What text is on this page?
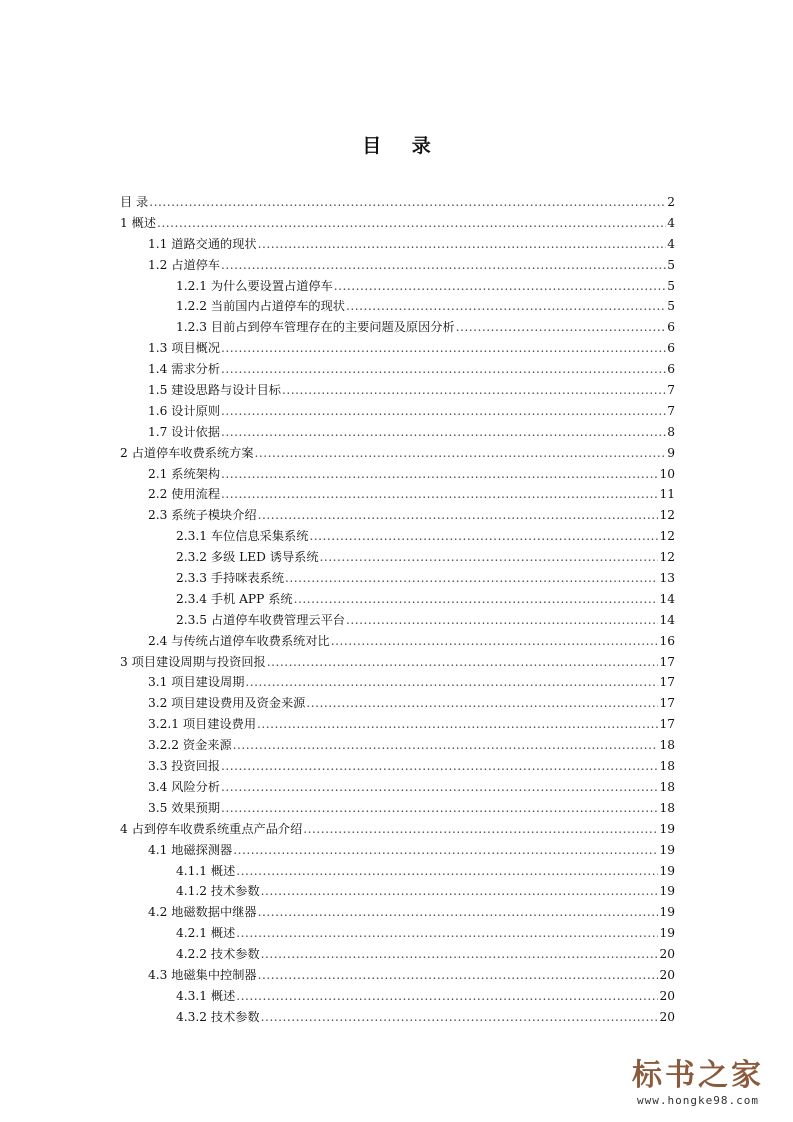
目 录
目 录 .....	2
1 概述 .....	4
1.1 道路交通的现状 .....	4
1.2 占道停车 .....	5
1.2.1 为什么要设置占道停车 .....	5
1.2.2 当前国内占道停车的现状 .....	5
1.2.3 目前占到停车管理存在的主要问题及原因分析 .....	6
1.3 项目概况 .....	6
1.4 需求分析 .....	6
1.5 建设思路与设计目标 .....	7
1.6 设计原则 .....	7
1.7 设计依据 .....	8
2 占道停车收费系统方案 .....	9
2.1 系统架构 .....	10
2.2 使用流程 .....	11
2.3 系统子模块介绍 .....	12
2.3.1 车位信息采集系统 .....	12
2.3.2 多级 LED 诱导系统 .....	12
2.3.3 手持咪表系统 .....	13
2.3.4 手机 APP 系统 .....	14
2.3.5 占道停车收费管理云平台 .....	14
2.4 与传统占道停车收费系统对比 .....	16
3 项目建设周期与投资回报 .....	17
3.1 项目建设周期 .....	17
3.2 项目建设费用及资金来源 .....	17
3.2.1 项目建设费用 .....	17
3.2.2 资金来源 .....	18
3.3 投资回报 .....	18
3.4 风险分析 .....	18
3.5 效果预期 .....	18
4 占到停车收费系统重点产品介绍 .....	19
4.1 地磁探测器 .....	19
4.1.1 概述 .....	19
4.1.2 技术参数 .....	19
4.2 地磁数据中继器 .....	19
4.2.1 概述 .....	19
4.2.2 技术参数 .....	20
4.3 地磁集中控制器 .....	20
4.3.1 概述 .....	20
4.3.2 技术参数 .....	20
标书之家
www.hongke98.com
